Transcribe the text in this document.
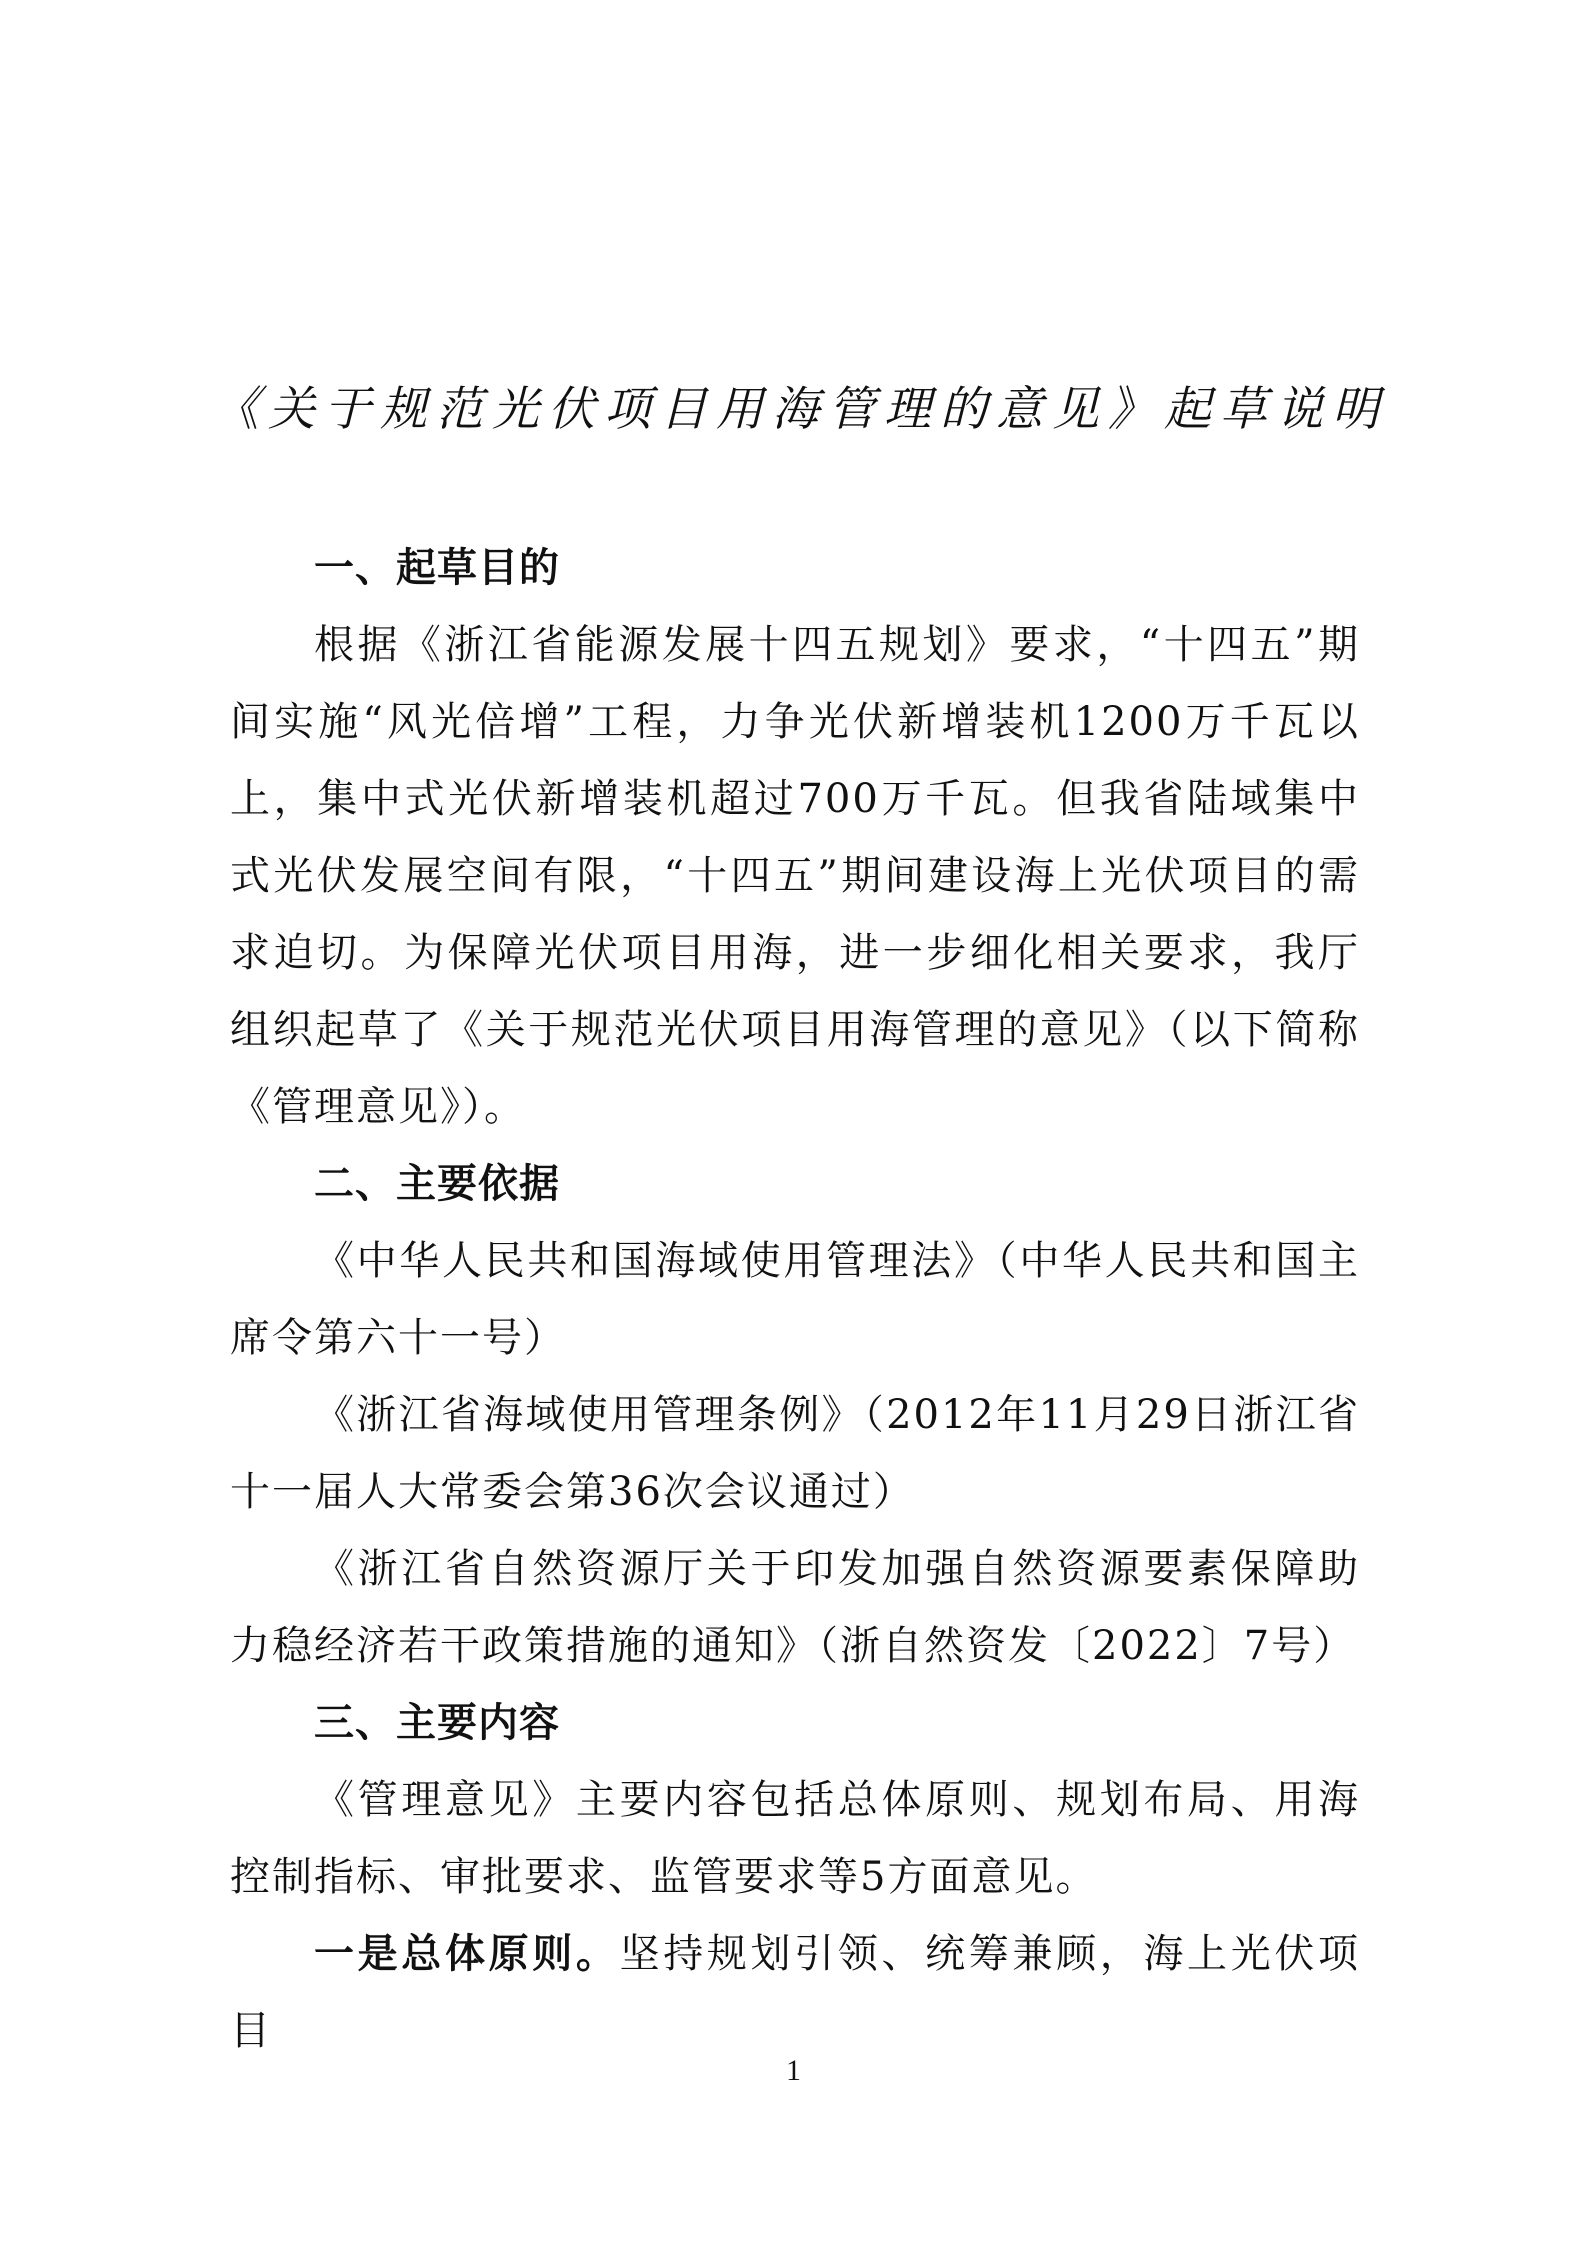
《关于规范光伏项目用海管理的意见》起草说明
一、起草目的

根据《浙江省能源发展十四五规划》要求，“十四五”期间实施“风光倍增”工程，力争光伏新增装机1200万千瓦以上，集中式光伏新增装机超过700万千瓦。但我省陆域集中式光伏发展空间有限，“十四五”期间建设海上光伏项目的需求迫切。为保障光伏项目用海，进一步细化相关要求，我厅组织起草了《关于规范光伏项目用海管理的意见》（以下简称《管理意见》）。

二、主要依据

《中华人民共和国海域使用管理法》（中华人民共和国主席令第六十一号）

《浙江省海域使用管理条例》（2012年11月29日浙江省十一届人大常委会第36次会议通过）

《浙江省自然资源厅关于印发加强自然资源要素保障助力稳经济若干政策措施的通知》（浙自然资发〔2022〕7号）

三、主要内容

《管理意见》主要内容包括总体原则、规划布局、用海控制指标、审批要求、监管要求等5方面意见。

一是总体原则。坚持规划引领、统筹兼顾，海上光伏项目

1
